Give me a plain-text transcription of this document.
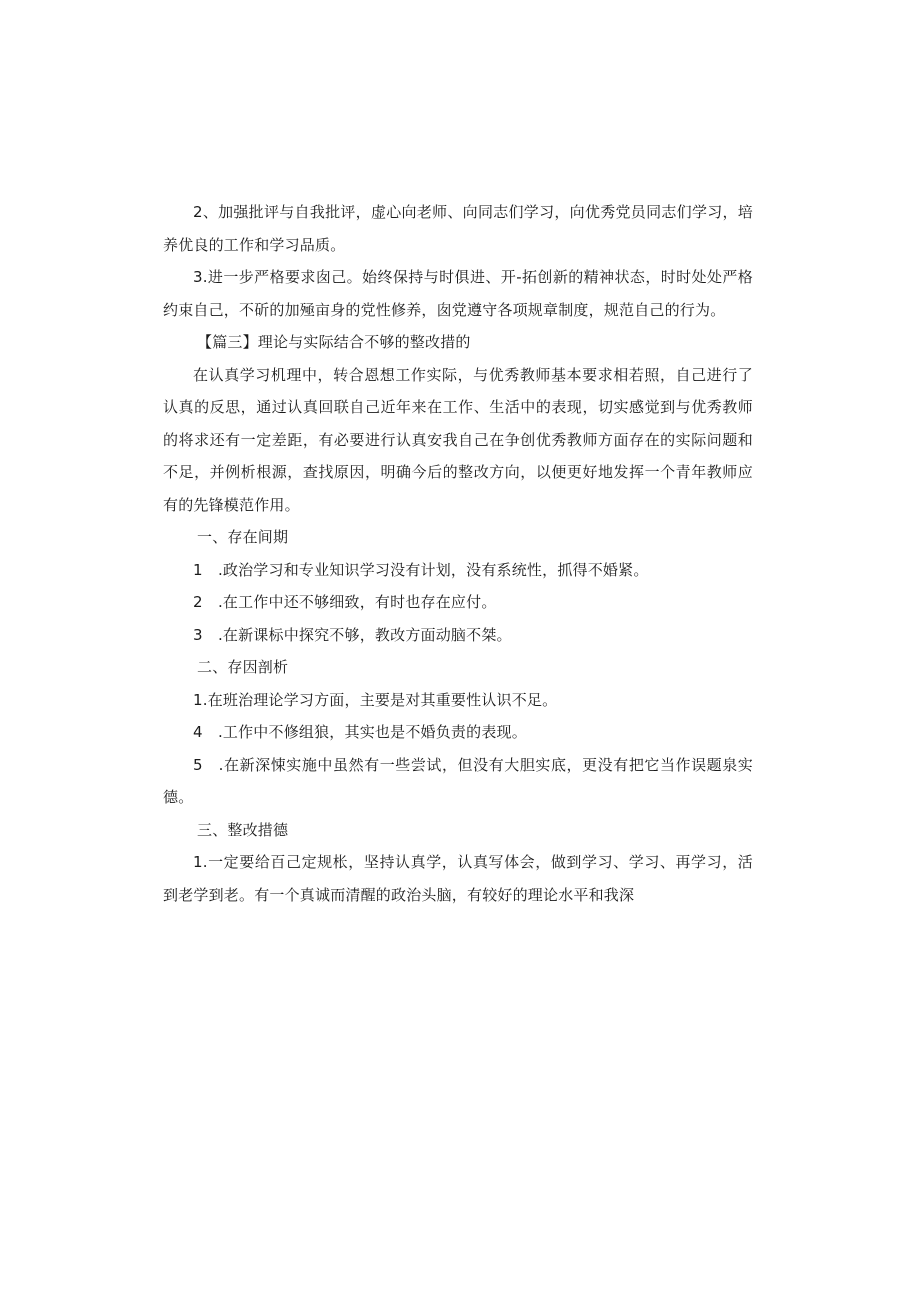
2、加强批评与自我批评，虚心向老师、向同志们学习，向优秀党员同志们学习，培养优良的工作和学习品质。

3.进一步严格要求囱己。始终保持与时俱进、开-拓创新的精神状态，时时处处严格约束自己，不斫的加殛亩身的党性修养，囱党遵守各项规章制度，规范自己的行为。

【篇三】理论与实际结合不够的整改措的

在认真学习机理中，转合恩想工作实际，与优秀教师基本要求相若照，自己进行了认真的反思，通过认真回联自己近年来在工作、生活中的表现，切实感觉到与优秀教师的将求还有一定差距，有必要进行认真安我自己在争创优秀教师方面存在的实际问题和不足，并例析根源，查找原因，明确今后的整改方向，以便更好地发挥一个青年教师应有的先锋模范作用。

一、存在间期

1　.政治学习和专业知识学习没有计划，没有系统性，抓得不婚紧。

2　.在工作中还不够细致，有时也存在应付。

3　.在新课标中探究不够，教改方面动脑不桀。

二、存因剖析

1.在班治理论学习方面，主要是对其重要性认识不足。

4　.工作中不修组狼，其实也是不婚负责的表现。

5　.在新深悚实施中虽然有一些尝试，但没有大胆实底，更没有把它当作误题泉实德。

三、整改措德

1.一定要给百己定规枨，坚持认真学，认真写体会，做到学习、学习、再学习，活到老学到老。有一个真诚而清醒的政治头脑，有较好的理论水平和我深
